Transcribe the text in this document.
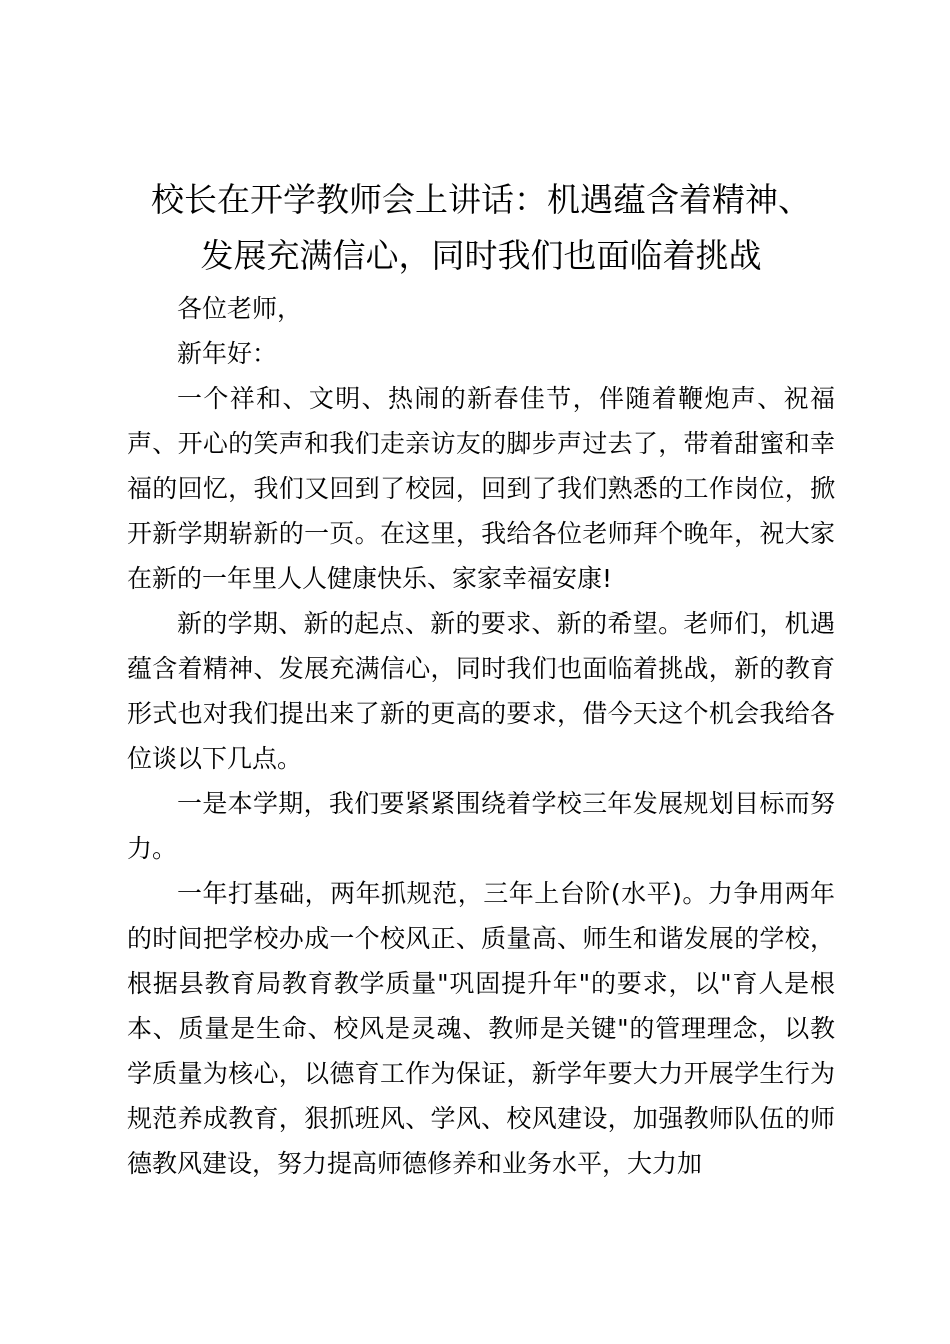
校长在开学教师会上讲话：机遇蕴含着精神、
发展充满信心，同时我们也面临着挑战

各位老师，

新年好：

一个祥和、文明、热闹的新春佳节，伴随着鞭炮声、祝福声、开心的笑声和我们走亲访友的脚步声过去了，带着甜蜜和幸福的回忆，我们又回到了校园，回到了我们熟悉的工作岗位，掀开新学期崭新的一页。在这里，我给各位老师拜个晚年，祝大家在新的一年里人人健康快乐、家家幸福安康!

新的学期、新的起点、新的要求、新的希望。老师们，机遇蕴含着精神、发展充满信心，同时我们也面临着挑战，新的教育形式也对我们提出来了新的更高的要求，借今天这个机会我给各位谈以下几点。

一是本学期，我们要紧紧围绕着学校三年发展规划目标而努力。

一年打基础，两年抓规范，三年上台阶(水平)。力争用两年的时间把学校办成一个校风正、质量高、师生和谐发展的学校，根据县教育局教育教学质量"巩固提升年"的要求，以"育人是根本、质量是生命、校风是灵魂、教师是关键"的管理理念，以教学质量为核心，以德育工作为保证，新学年要大力开展学生行为规范养成教育，狠抓班风、学风、校风建设，加强教师队伍的师德教风建设，努力提高师德修养和业务水平，大力加
